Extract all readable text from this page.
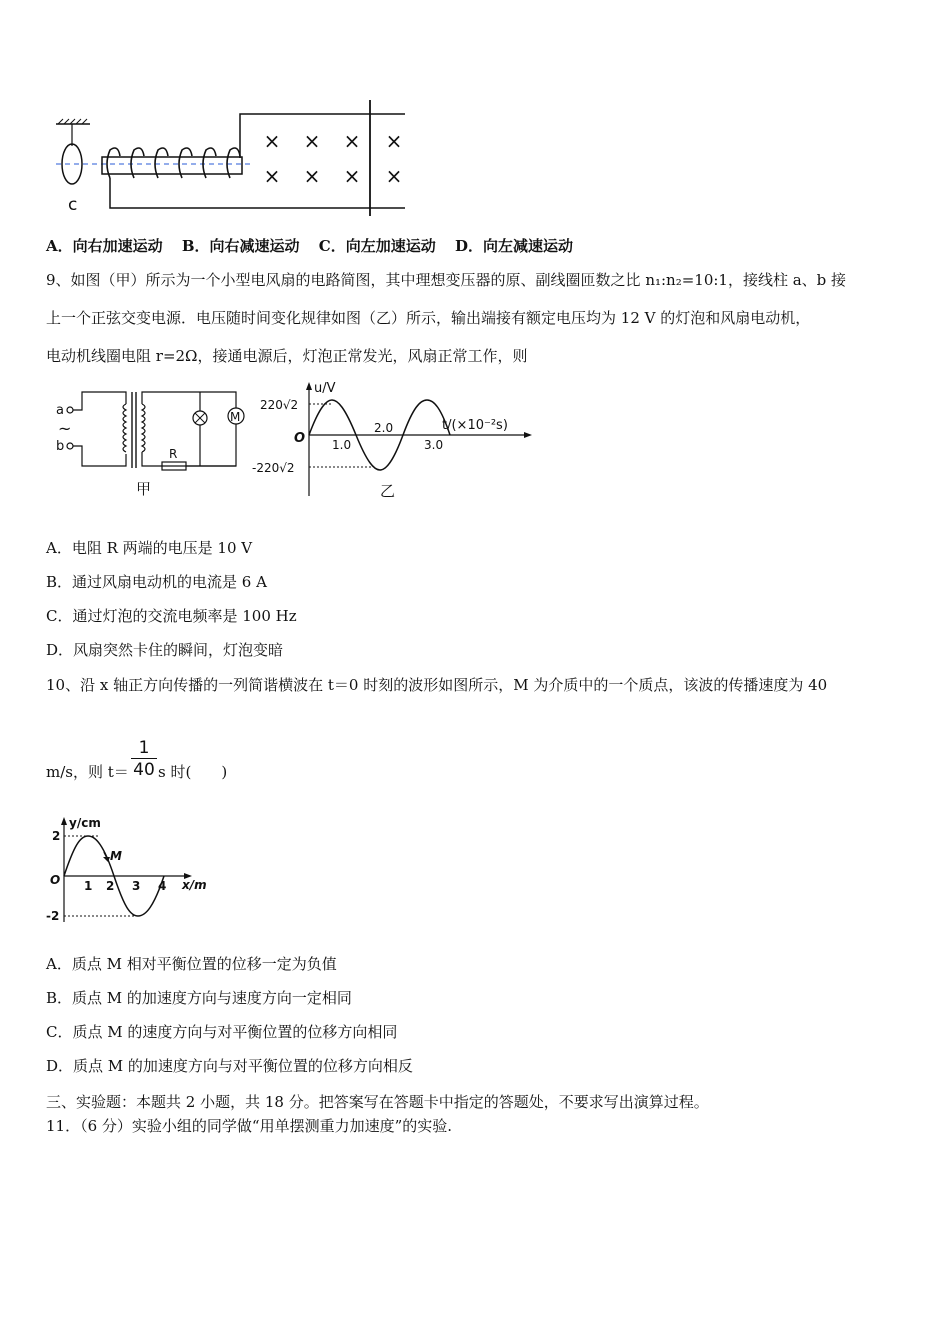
× × × ×
× × × ×
c
A．向右加速运动 B．向右减速运动 C．向左加速运动 D．向左减速运动
9、如图（甲）所示为一个小型电风扇的电路简图，其中理想变压器的原、副线圈匝数之比 n₁:n₂=10:1，接线柱 a、b 接
上一个正弦交变电源．电压随时间变化规律如图（乙）所示，输出端接有额定电压均为 12 V 的灯泡和风扇电动机，
电动机线圈电阻 r=2Ω，接通电源后，灯泡正常发光，风扇正常工作，则
a
~
b	R
M
甲
u/V
t/(×10⁻²s)
O
220√2
-220√2
1.0
2.0
3.0
乙
A．电阻 R 两端的电压是 10 V
B．通过风扇电动机的电流是 6 A
C．通过灯泡的交流电频率是 100 Hz
D．风扇突然卡住的瞬间，灯泡变暗
10、沿 x 轴正方向传播的一列简谐横波在 t＝0 时刻的波形如图所示，M 为介质中的一个质点，该波的传播速度为 40
m/s，则 t＝
1
40 s 时(　　)
y/cm
x/m
O
2
-2
1 2 3 4
M
A．质点 M 相对平衡位置的位移一定为负值
B．质点 M 的加速度方向与速度方向一定相同
C．质点 M 的速度方向与对平衡位置的位移方向相同
D．质点 M 的加速度方向与对平衡位置的位移方向相反
三、实验题：本题共 2 小题，共 18 分。把答案写在答题卡中指定的答题处，不要求写出演算过程。
11．（6 分）实验小组的同学做“用单摆测重力加速度”的实验.
